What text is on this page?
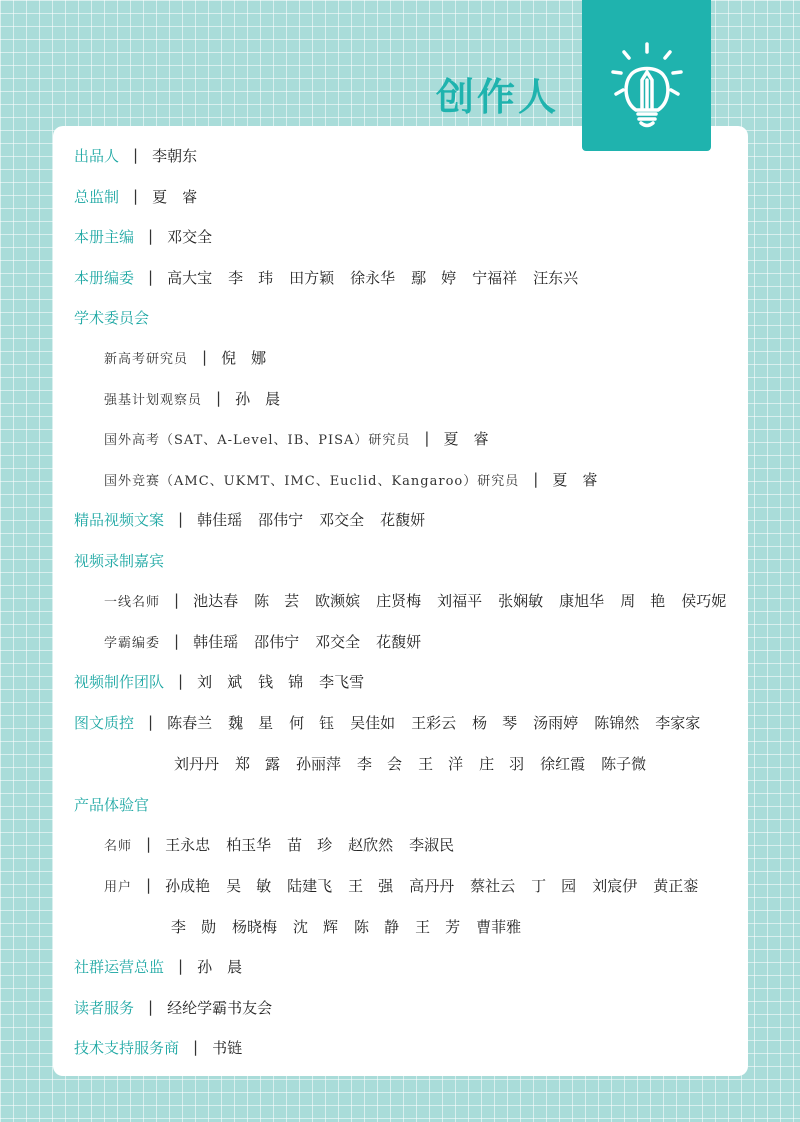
创作人
出品人 | 李朝东
总监制 | 夏　睿
本册主编 | 邓交全
本册编委 | 高大宝 李　玮 田方颖 徐永华 鄢　婷 宁福祥 汪东兴
学术委员会
新高考研究员 | 倪　娜
强基计划观察员 | 孙　晨
国外高考（SAT、A-Level、IB、PISA）研究员 | 夏　睿
国外竞赛（AMC、UKMT、IMC、Euclid、Kangaroo）研究员 | 夏　睿
精品视频文案 | 韩佳瑶 邵伟宁 邓交全 花馥妍
视频录制嘉宾
一线名师 | 池达春 陈　芸 欧濒嫔 庄贤梅 刘福平 张娴敏 康旭华 周　艳 侯巧妮
学霸编委 | 韩佳瑶 邵伟宁 邓交全 花馥妍
视频制作团队 | 刘　斌 钱　锦 李飞雪
图文质控 | 陈春兰 魏　星 何　钰 吴佳如 王彩云 杨　琴 汤雨婷 陈锦然 李家家
刘丹丹 郑　露 孙丽萍 李　会 王　洋 庄　羽 徐红霞 陈子微
产品体验官
名师 | 王永忠 柏玉华 苗　珍 赵欣然 李淑民
用户 | 孙成艳 吴　敏 陆建飞 王　强 高丹丹 蔡社云 丁　园 刘宸伊 黄正銮
李　勋 杨晓梅 沈　辉 陈　静 王　芳 曹菲雅
社群运营总监 | 孙　晨
读者服务 | 经纶学霸书友会
技术支持服务商 | 书链
